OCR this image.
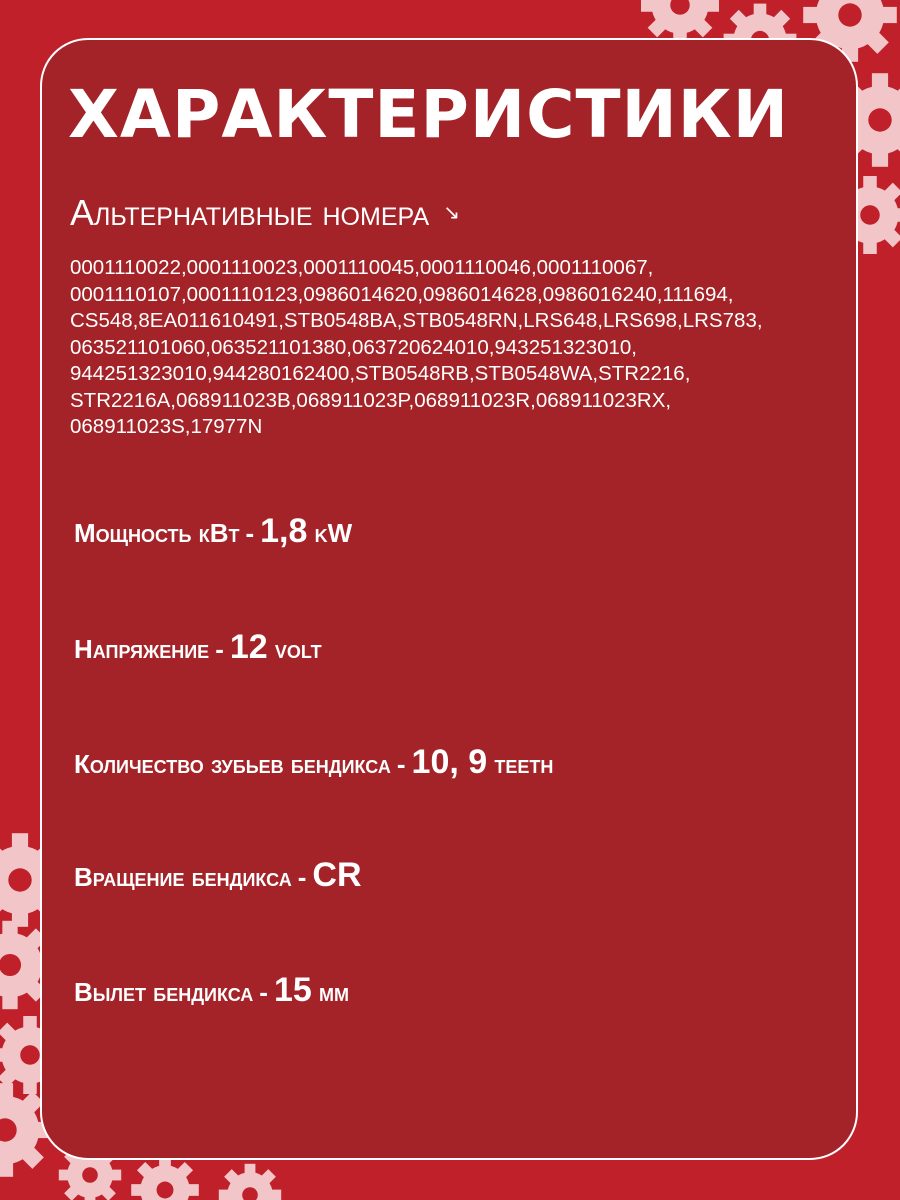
ХАРАКТЕРИСТИКИ
Альтернативные номера ↘
0001110022,0001110023,0001110045,0001110046,0001110067,
0001110107,0001110123,0986014620,0986014628,0986016240,111694,
CS548,8EA011610491,STB0548BA,STB0548RN,LRS648,LRS698,LRS783,
063521101060,063521101380,063720624010,943251323010,
944251323010,944280162400,STB0548RB,STB0548WA,STR2216,
STR2216A,068911023B,068911023P,068911023R,068911023RX,
068911023S,17977N
Мощность кВт - 1,8 kW
Напряжение - 12 volt
Количество зубьев бендикса - 10, 9 teeth
Вращение бендикса - CR
Вылет бендикса - 15 мм
